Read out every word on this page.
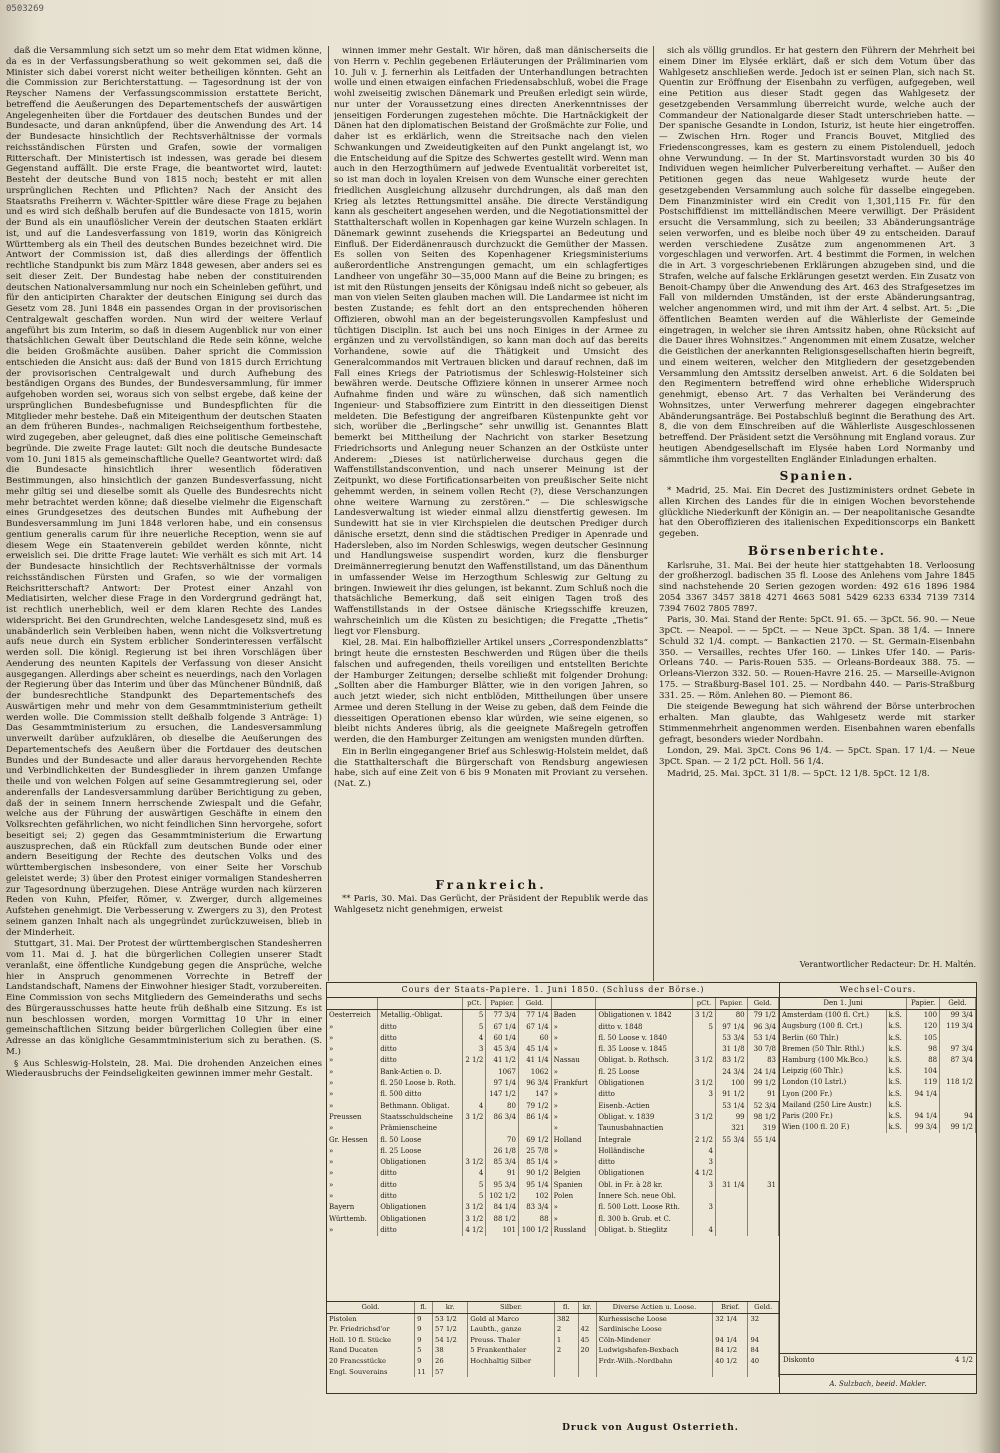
0503269

daß die Versammlung sich setzt um so mehr dem Etat widmen könne, da es in der Verfassungsberathung so weit gekommen sei, daß die Minister sich dabei vorerst nicht weiter betheiligen könnten. Geht an die Commission zur Berichterstattung. — Tagesordnung ist der von Reyscher Namens der Verfassungscommission erstattete Bericht, betreffend die Aeußerungen des Departementschefs der auswärtigen Angelegenheiten über die Fortdauer des deutschen Bundes und der Bundesacte, und daran anknüpfend, über die Anwendung des Art. 14 der Bundesacte hinsichtlich der Rechtsverhältnisse der vormals reichsständischen Fürsten und Grafen, sowie der vormaligen Ritterschaft. Der Ministertisch ist indessen, was gerade bei diesem Gegenstand auffällt. Die erste Frage, die beantwortet wird, lautet: Besteht der deutsche Bund von 1815 noch; besteht er mit allen ursprünglichen Rechten und Pflichten? Nach der Ansicht des Staatsraths Freiherrn v. Wächter-Spittler wäre diese Frage zu bejahen und es wird sich deßhalb berufen auf die Bundesacte von 1815, worin der Bund als ein unauflöslicher Verein der deutschen Staaten erklärt ist, und auf die Landesverfassung von 1819, worin das Königreich Württemberg als ein Theil des deutschen Bundes bezeichnet wird. Die Antwort der Commission ist, daß dies allerdings der öffentlich rechtliche Standpunkt bis zum März 1848 gewesen, aber anders sei es seit dieser Zeit. Der Bundestag habe neben der constituirenden deutschen Nationalversammlung nur noch ein Scheinleben geführt, und für den anticipirten Charakter der deutschen Einigung sei durch das Gesetz vom 28. Juni 1848 ein passendes Organ in der provisorischen Centralgewalt geschaffen worden. Nun wird der weitere Verlauf angeführt bis zum Interim, so daß in diesem Augenblick nur von einer thatsächlichen Gewalt über Deutschland die Rede sein könne, welche die beiden Großmächte ausüben. Daher spricht die Commission entschieden die Ansicht aus: daß der Bund von 1815 durch Errichtung der provisorischen Centralgewalt und durch Aufhebung des beständigen Organs des Bundes, der Bundesversammlung, für immer aufgehoben worden sei, woraus sich von selbst ergebe, daß keine der ursprünglichen Bundesbefugnisse und Bundespflichten für die Mitglieder mehr bestehe. Daß ein Miteigenthum der deutschen Staaten an dem früheren Bundes-, nachmaligen Reichseigenthum fortbestehe, wird zugegeben, aber geleugnet, daß dies eine politische Gemeinschaft begründe. Die zweite Frage lautet: Gilt noch die deutsche Bundesacte vom 10. Juni 1815 als gemeinschaftliche Quelle? Geantwortet wird: daß die Bundesacte hinsichtlich ihrer wesentlich föderativen Bestimmungen, also hinsichtlich der ganzen Bundesverfassung, nicht mehr giltig sei und dieselbe somit als Quelle des Bundesrechts nicht mehr betrachtet werden könne; daß dieselbe vielmehr die Eigenschaft eines Grundgesetzes des deutschen Bundes mit Aufhebung der Bundesversammlung im Juni 1848 verloren habe, und ein consensus gentium generalis carum für ihre neuerliche Reception, wenn sie auf diesem Wege ein Staatenverein gebildet werden könnte, nicht erweislich sei. Die dritte Frage lautet: Wie verhält es sich mit Art. 14 der Bundesacte hinsichtlich der Rechtsverhältnisse der vormals reichsständischen Fürsten und Grafen, so wie der vormaligen Reichsritterschaft? Antwort: Der Protest einer Anzahl von Mediatisirten, welcher diese Frage in den Vordergrund gedrängt hat, ist rechtlich unerheblich, weil er dem klaren Rechte des Landes widerspricht. Bei den Grundrechten, welche Landesgesetz sind, muß es unabänderlich sein Verbleiben haben, wenn nicht die Volksvertretung aufs neue durch ein System erblicher Sonderinteressen verfälscht werden soll. Die königl. Regierung ist bei ihren Vorschlägen über Aenderung des neunten Kapitels der Verfassung von dieser Ansicht ausgegangen. Allerdings aber scheint es neuerdings, nach den Vorlagen der Regierung über das Interim und über das Münchener Bündniß, daß der bundesrechtliche Standpunkt des Departementschefs des Auswärtigen mehr und mehr von dem Gesammtministerium getheilt werden wolle. Die Commission stellt deßhalb folgende 3 Anträge: 1) Das Gesammtministerium zu ersuchen, die Landesversammlung unverweilt darüber aufzuklären, ob dieselbe die Aeußerungen des Departementschefs des Aeußern über die Fortdauer des deutschen Bundes und der Bundesacte und aller daraus hervorgehenden Rechte und Verbindlichkeiten der Bundesglieder in ihrem ganzen Umfange theile und von welchen Folgen auf seine Gesammtregierung sei, oder anderenfalls der Landesversammlung darüber Berichtigung zu geben, daß der in seinem Innern herrschende Zwiespalt und die Gefahr, welche aus der Führung der auswärtigen Geschäfte in einem den Volksrechten gefährlichen, wo nicht feindlichen Sinn hervorgehe, sofort beseitigt sei; 2) gegen das Gesammtministerium die Erwartung auszusprechen, daß ein Rückfall zum deutschen Bunde oder einer andern Beseitigung der Rechte des deutschen Volks und des württembergischen insbesondere, von einer Seite her Vorschub geleistet werde; 3) über den Protest einiger vormaligen Standesherren zur Tagesordnung überzugehen. Diese Anträge wurden nach kürzeren Reden von Kuhn, Pfeifer, Römer, v. Zwerger, durch allgemeines Aufstehen genehmigt. Die Verbesserung v. Zwergers zu 3), den Protest seinem ganzen Inhalt nach als ungegründet zurückzuweisen, blieb in der Minderheit.

Stuttgart, 31. Mai. Der Protest der württembergischen Standesherren vom 11. Mai d. J. hat die bürgerlichen Collegien unserer Stadt veranlaßt, eine öffentliche Kundgebung gegen die Ansprüche, welche hier in Anspruch genommenen Vorrechte in Betreff der Landstandschaft, Namens der Einwohner hiesiger Stadt, vorzubereiten. Eine Commission von sechs Mitgliedern des Gemeinderaths und sechs des Bürgerausschusses hatte heute früh deßhalb eine Sitzung. Es ist nun beschlossen worden, morgen Vormittag 10 Uhr in einer gemeinschaftlichen Sitzung beider bürgerlichen Collegien über eine Adresse an das königliche Gesammtministerium sich zu berathen. (S. M.)

§ Aus Schleswig-Holstein, 28. Mai. Die drohenden Anzeichen eines Wiederausbruchs der Feindseligkeiten gewinnen immer mehr Gestalt.

winnen immer mehr Gestalt. Wir hören, daß man dänischerseits die von Herrn v. Pechlin gegebenen Erläuterungen der Präliminarien vom 10. Juli v. J. fernerhin als Leitfaden der Unterhandlungen betrachten wolle und einen etwaigen einfachen Friedensabschluß, wobei die Frage wohl zweiseitig zwischen Dänemark und Preußen erledigt sein würde, nur unter der Voraussetzung eines directen Anerkenntnisses der jenseitigen Forderungen zugestehen möchte. Die Hartnäckigkeit der Dänen hat den diplomatischen Beistand der Großmächte zur Folie, und daher ist es erklärlich, wenn die Streitsache nach den vielen Schwankungen und Zweideutigkeiten auf den Punkt angelangt ist, wo die Entscheidung auf die Spitze des Schwertes gestellt wird. Wenn man auch in den Herzogthümern auf jedwede Eventualität vorbereitet ist, so ist man doch in loyalen Kreisen von dem Wunsche einer gerechten friedlichen Ausgleichung allzusehr durchdrungen, als daß man den Krieg als letztes Rettungsmittel ansähe. Die directe Verständigung kann als gescheitert angesehen werden, und die Negotiationsmittel der Statthalterschaft wollen in Kopenhagen gar keine Wurzeln schlagen. In Dänemark gewinnt zusehends die Kriegspartei an Bedeutung und Einfluß. Der Eiderdänenrausch durchzuckt die Gemüther der Massen. Es sollen von Seiten des Kopenhagener Kriegsministeriums außerordentliche Anstrengungen gemacht, um ein schlagfertiges Landheer von ungefähr 30—35,000 Mann auf die Beine zu bringen; es ist mit den Rüstungen jenseits der Königsau indeß nicht so gebeuer, als man von vielen Seiten glauben machen will. Die Landarmee ist nicht im besten Zustande; es fehlt dort an den entsprechenden höheren Offizieren, obwohl man an der begeisterungsvollen Kampfeslust und tüchtigen Disciplin. Ist auch bei uns noch Einiges in der Armee zu ergänzen und zu vervollständigen, so kann man doch auf das bereits Vorhandene, sowie auf die Thätigkeit und Umsicht des Generalcommandos mit Vertrauen blicken und darauf rechnen, daß im Fall eines Kriegs der Patriotismus der Schleswig-Holsteiner sich bewähren werde. Deutsche Offiziere können in unserer Armee noch Aufnahme finden und wäre zu wünschen, daß sich namentlich Ingenieur- und Stabsoffiziere zum Eintritt in den diesseitigen Dienst meldeten. Die Befestigung der angreifbaren Küstenpunkte geht vor sich, worüber die „Berlingsche“ sehr unwillig ist. Genanntes Blatt bemerkt bei Mittheilung der Nachricht von starker Besetzung Friedrichsorts und Anlegung neuer Schanzen an der Ostküste unter Anderem: „Dieses ist natürlicherweise durchaus gegen die Waffenstillstandsconvention, und nach unserer Meinung ist der Zeitpunkt, wo diese Fortificationsarbeiten von preußischer Seite nicht gehemmt werden, in seinem vollen Recht (?), diese Verschanzungen ohne weitere Warnung zu zerstören.“ — Die schleswigsche Landesverwaltung ist wieder einmal allzu dienstfertig gewesen. Im Sundewitt hat sie in vier Kirchspielen die deutschen Prediger durch dänische ersetzt, denn sind die städtischen Prediger in Apenrade und Hadersleben, also im Norden Schleswigs, wegen deutscher Gesinnung und Handlungsweise suspendirt worden, kurz die flensburger Dreimännerregierung benutzt den Waffenstillstand, um das Dänenthum in umfassender Weise im Herzogthum Schleswig zur Geltung zu bringen. Inwieweit ihr dies gelungen, ist bekannt. Zum Schluß noch die thatsächliche Bemerkung, daß seit einigen Tagen troß des Waffenstillstands in der Ostsee dänische Kriegsschiffe kreuzen, wahrscheinlich um die Küsten zu besichtigen; die Fregatte „Thetis“ liegt vor Flensburg.

Kiel, 28. Mai. Ein halboffizieller Artikel unsers „Correspondenzblatts“ bringt heute die ernstesten Beschwerden und Rügen über die theils falschen und aufregenden, theils voreiligen und entstellten Berichte der Hamburger Zeitungen; derselbe schließt mit folgender Drohung: „Sollten aber die Hamburger Blätter, wie in den vorigen Jahren, so auch jetzt wieder, sich nicht entblöden, Mittheilungen über unsere Armee und deren Stellung in der Weise zu geben, daß dem Feinde die diesseitigen Operationen ebenso klar würden, wie seine eigenen, so bleibt nichts Anderes übrig, als die geeignete Maßregeln getroffen werden, die den Hamburger Zeitungen am wenigsten munden dürften.

Ein in Berlin eingegangener Brief aus Schleswig-Holstein meldet, daß die Statthalterschaft die Bürgerschaft von Rendsburg angewiesen habe, sich auf eine Zeit von 6 bis 9 Monaten mit Proviant zu versehen. (Nat. Z.)

Frankreich.

** Paris, 30. Mai. Das Gerücht, der Präsident der Republik werde das Wahlgesetz nicht genehmigen, erweist

sich als völlig grundlos. Er hat gestern den Führern der Mehrheit bei einem Diner im Elysée erklärt, daß er sich dem Votum über das Wahlgesetz anschließen werde. Jedoch ist er seinen Plan, sich nach St. Quentin zur Eröffnung der Eisenbahn zu verfügen, aufgegeben, weil eine Petition aus dieser Stadt gegen das Wahlgesetz der gesetzgebenden Versammlung überreicht wurde, welche auch der Commandeur der Nationalgarde dieser Stadt unterschrieben hatte. — Der spanische Gesandte in London, Isturiz, ist heute hier eingetroffen. — Zwischen Hrn. Roger und Francis Bouvet, Mitglied des Friedenscongresses, kam es gestern zu einem Pistolenduell, jedoch ohne Verwundung. — In der St. Martinsvorstadt wurden 30 bis 40 Individuen wegen heimlicher Pulverbereitung verhaftet. — Außer den Petitionen gegen das neue Wahlgesetz wurde heute der gesetzgebenden Versammlung auch solche für dasselbe eingegeben. Dem Finanzminister wird ein Credit von 1,301,115 Fr. für den Postschiffdienst im mittelländischen Meere verwilligt. Der Präsident ersucht die Versammlung, sich zu beeilen; 33 Abänderungsanträge seien verworfen, und es bleibe noch über 49 zu entscheiden. Darauf werden verschiedene Zusätze zum angenommenen Art. 3 vorgeschlagen und verworfen. Art. 4 bestimmt die Formen, in welchen die in Art. 3 vorgeschriebenen Erklärungen abzugeben sind, und die Strafen, welche auf falsche Erklärungen gesetzt werden. Ein Zusatz von Benoit-Champy über die Anwendung des Art. 463 des Strafgesetzes im Fall von mildernden Umständen, ist der erste Abänderungsantrag, welcher angenommen wird, und mit ihm der Art. 4 selbst. Art. 5: „Die öffentlichen Beamten werden auf die Wählerliste der Gemeinde eingetragen, in welcher sie ihren Amtssitz haben, ohne Rücksicht auf die Dauer ihres Wohnsitzes.“ Angenommen mit einem Zusatze, welcher die Geistlichen der anerkannten Religionsgesellschaften hierin begreift, und einem weiteren, welcher den Mitgliedern der gesetzgebenden Versammlung den Amtssitz derselben anweist. Art. 6 die Soldaten bei den Regimentern betreffend wird ohne erhebliche Widerspruch genehmigt, ebenso Art. 7 das Verhalten bei Veränderung des Wohnsitzes, unter Verwerfung mehrerer dagegen eingebrachter Abänderungsanträge. Bei Postabschluß beginnt die Berathung des Art. 8, die von dem Einschreiben auf die Wählerliste Ausgeschlossenen betreffend. Der Präsident setzt die Versöhnung mit England voraus. Zur heutigen Abendgesellschaft im Elysée haben Lord Normanby und sämmtliche ihm vorgestellten Engländer Einladungen erhalten.

Spanien.

* Madrid, 25. Mai. Ein Decret des Justizministers ordnet Gebete in allen Kirchen des Landes für die in einigen Wochen bevorstehende glückliche Niederkunft der Königin an. — Der neapolitanische Gesandte hat den Oberoffizieren des italienischen Expeditionscorps ein Bankett gegeben.

Börsenberichte.

Karlsruhe, 31. Mai. Bei der heute hier stattgehabten 18. Verloosung der großherzogl. badischen 35 fl. Loose des Anlehens vom Jahre 1845 sind nachstehende 20 Serien gezogen worden: 492 616 1896 1984 2054 3367 3457 3818 4271 4663 5081 5429 6233 6334 7139 7314 7394 7602 7805 7897.

Paris, 30. Mai. Stand der Rente: 5pCt. 91. 65. — 3pCt. 56. 90. — Neue 3pCt. — Neapol. — — 5pCt. — — Neue 3pCt. Span. 38 1/4. — Innere Schuld 32 1/4. compt. — Bankactien 2170. — St. Germain-Eisenbahn 350. — Versailles, rechtes Ufer 160. — Linkes Ufer 140. — Paris-Orleans 740. — Paris-Rouen 535. — Orleans-Bordeaux 388. 75. — Orleans-Vierzon 332. 50. — Rouen-Havre 216. 25. — Marseille-Avignon 175. — Straßburg-Basel 101. 25. — Nordbahn 440. — Paris-Straßburg 331. 25. — Röm. Anlehen 80. — Piemont 86.

Die steigende Bewegung hat sich während der Börse unterbrochen erhalten. Man glaubte, das Wahlgesetz werde mit starker Stimmenmehrheit angenommen werden. Eisenbahnen waren ebenfalls gefragt, besonders wieder Nordbahn.

London, 29. Mai. 3pCt. Cons 96 1/4. — 5pCt. Span. 17 1/4. — Neue 3pCt. Span. — 2 1/2 pCt. Holl. 56 1/4.

Madrid, 25. Mai. 3pCt. 31 1/8. — 5pCt. 12 1/8. 5pCt. 12 1/8.

Verantwortlicher Redacteur: Dr. H. Maltén.
Cours der Staats-Papiere. 1. Juni 1850. (Schluss der Börse.)
		pCt.	Papier.	Geld.			pCt.	Papier.	Geld.
Oesterreich	Metallig.-Obligat.	5	77 3/4	77 1/4	Baden	Obligationen v. 1842	3 1/2	80	79 1/2
»	ditto	5	67 1/4	67 1/4	»	ditto v. 1848	5	97 1/4	96 3/4
»	ditto	4	60 1/4	60	»	fl. 50 Loose v. 1840		53 3/4	53 1/4
»	ditto	3	45 3/4	45 1/4	»	fl. 35 Loose v. 1845		31 1/8	30 7/8
»	ditto	2 1/2	41 1/2	41 1/4	Nassau	Obligat. b. Rothsch.	3 1/2	83 1/2	83
»	Bank-Actien o. D.		1067	1062	»	fl. 25 Loose		24 3/4	24 1/4
»	fl. 250 Loose b. Roth.		97 1/4	96 3/4	Frankfurt	Obligationen	3 1/2	100	99 1/2
»	fl. 500 ditto		147 1/2	147	»	ditto	3	91 1/2	91
»	Bethmann. Obligat.	4	80	79 1/2	»	Eisenb.-Actien		53 1/4	52 3/4
Preussen	Staatsschuldscheine	3 1/2	86 3/4	86 1/4	»	Obligat. v. 1839	3 1/2	99	98 1/2
»	Prämienscheine				»	Taunusbahnactien		321	319
Gr. Hessen	fl. 50 Loose		70	69 1/2	Holland	Integrale	2 1/2	55 3/4	55 1/4
»	fl. 25 Loose		26 1/8	25 7/8	»	Holländische	4		
»	Obligationen	3 1/2	85 3/4	85 1/4	»	ditto	3		
»	ditto	4	91	90 1/2	Belgien	Obligationen	4 1/2		
»	ditto	5	95 3/4	95 1/4	Spanien	Obl. in Fr. à 28 kr.	3	31 1/4	31
»	ditto	5	102 1/2	102	Polen	Innere Sch. neue Obl.			
Bayern	Obligationen	3 1/2	84 1/4	83 3/4	»	fl. 500 Lott. Loose Rth.	3		
Württemb.	Obligationen	3 1/2	88 1/2	88	»	fl. 300 b. Grub. et C.			
»	ditto	4 1/2	101	100 1/2	Russland	Obligat. b. Stieglitz	4		
Gold.	fl.	kr.	Silber.	fl.	kr.	Diverse Actien u. Loose.	Brief.	Geld.
Pistolen	9	53 1/2	Gold al Marco	382		Kurhessische Loose	32 1/4	32
Pr. Friedrichsd'or	9	57 1/2	Laubth., ganze	2	42	Sardinische Loose		
Holl. 10 fl. Stücke	9	54 1/2	Preuss. Thaler	1	45	Cöln-Mindener	94 1/4	94
Rand Ducaten	5	38	5 Frankenthaler	2	20	Ludwigshafen-Bexbach	84 1/2	84
20 Francsstücke	9	26	Hochhaltig Silber			Frdr.-Wilh.-Nordbahn	40 1/2	40
Engl. Souverains	11	57						
Wechsel-Cours.
Den 1. Juni		Papier.	Geld.
Amsterdam (100 fl. Crt.)	k.S.	100	99 3/4
Augsburg (100 fl. Crt.)	k.S.	120	119 3/4
Berlin (60 Thlr.)	k.S.	105	
Bremen (50 Thlr. Rthl.)	k.S.	98	97 3/4
Hamburg (100 Mk.Bco.)	k.S.	88	87 3/4
Leipzig (60 Thlr.)	k.S.	104	
London (10 Lstrl.)	k.S.	119	118 1/2
Lyon (200 Fr.)	k.S.	94 1/4	
Mailand (250 Lire Austr.)	k.S.		
Paris (200 Fr.)	k.S.	94 1/4	94
Wien (100 fl. 20 F.)	k.S.	99 3/4	99 1/2
Diskonto	4 1/2
A. Sulzbach, beeid. Makler.
Druck von August Osterrieth.
